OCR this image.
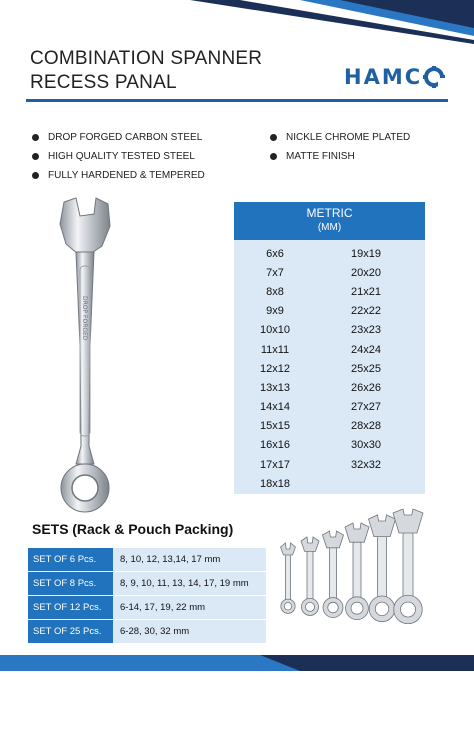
COMBINATION SPANNER
RECESS PANAL	HAMC
DROP FORGED CARBON STEEL
HIGH QUALITY TESTED STEEL
FULLY HARDENED & TEMPERED
NICKLE CHROME PLATED
MATTE FINISH
DROP FORGED
METRIC
(MM)
6x6	19x19
7x7	20x20
8x8	21x21
9x9	22x22
10x10	23x23
11x11	24x24
12x12	25x25
13x13	26x26
14x14	27x27
15x15	28x28
16x16	30x30
17x17	32x32
18x18
SETS (Rack & Pouch Packing)
SET OF 6 Pcs.	8, 10, 12, 13,14, 17 mm
SET OF 8 Pcs.	8, 9, 10, 11, 13, 14, 17, 19 mm
SET OF 12 Pcs.	6-14, 17, 19, 22 mm
SET OF 25 Pcs.	6-28, 30, 32 mm
